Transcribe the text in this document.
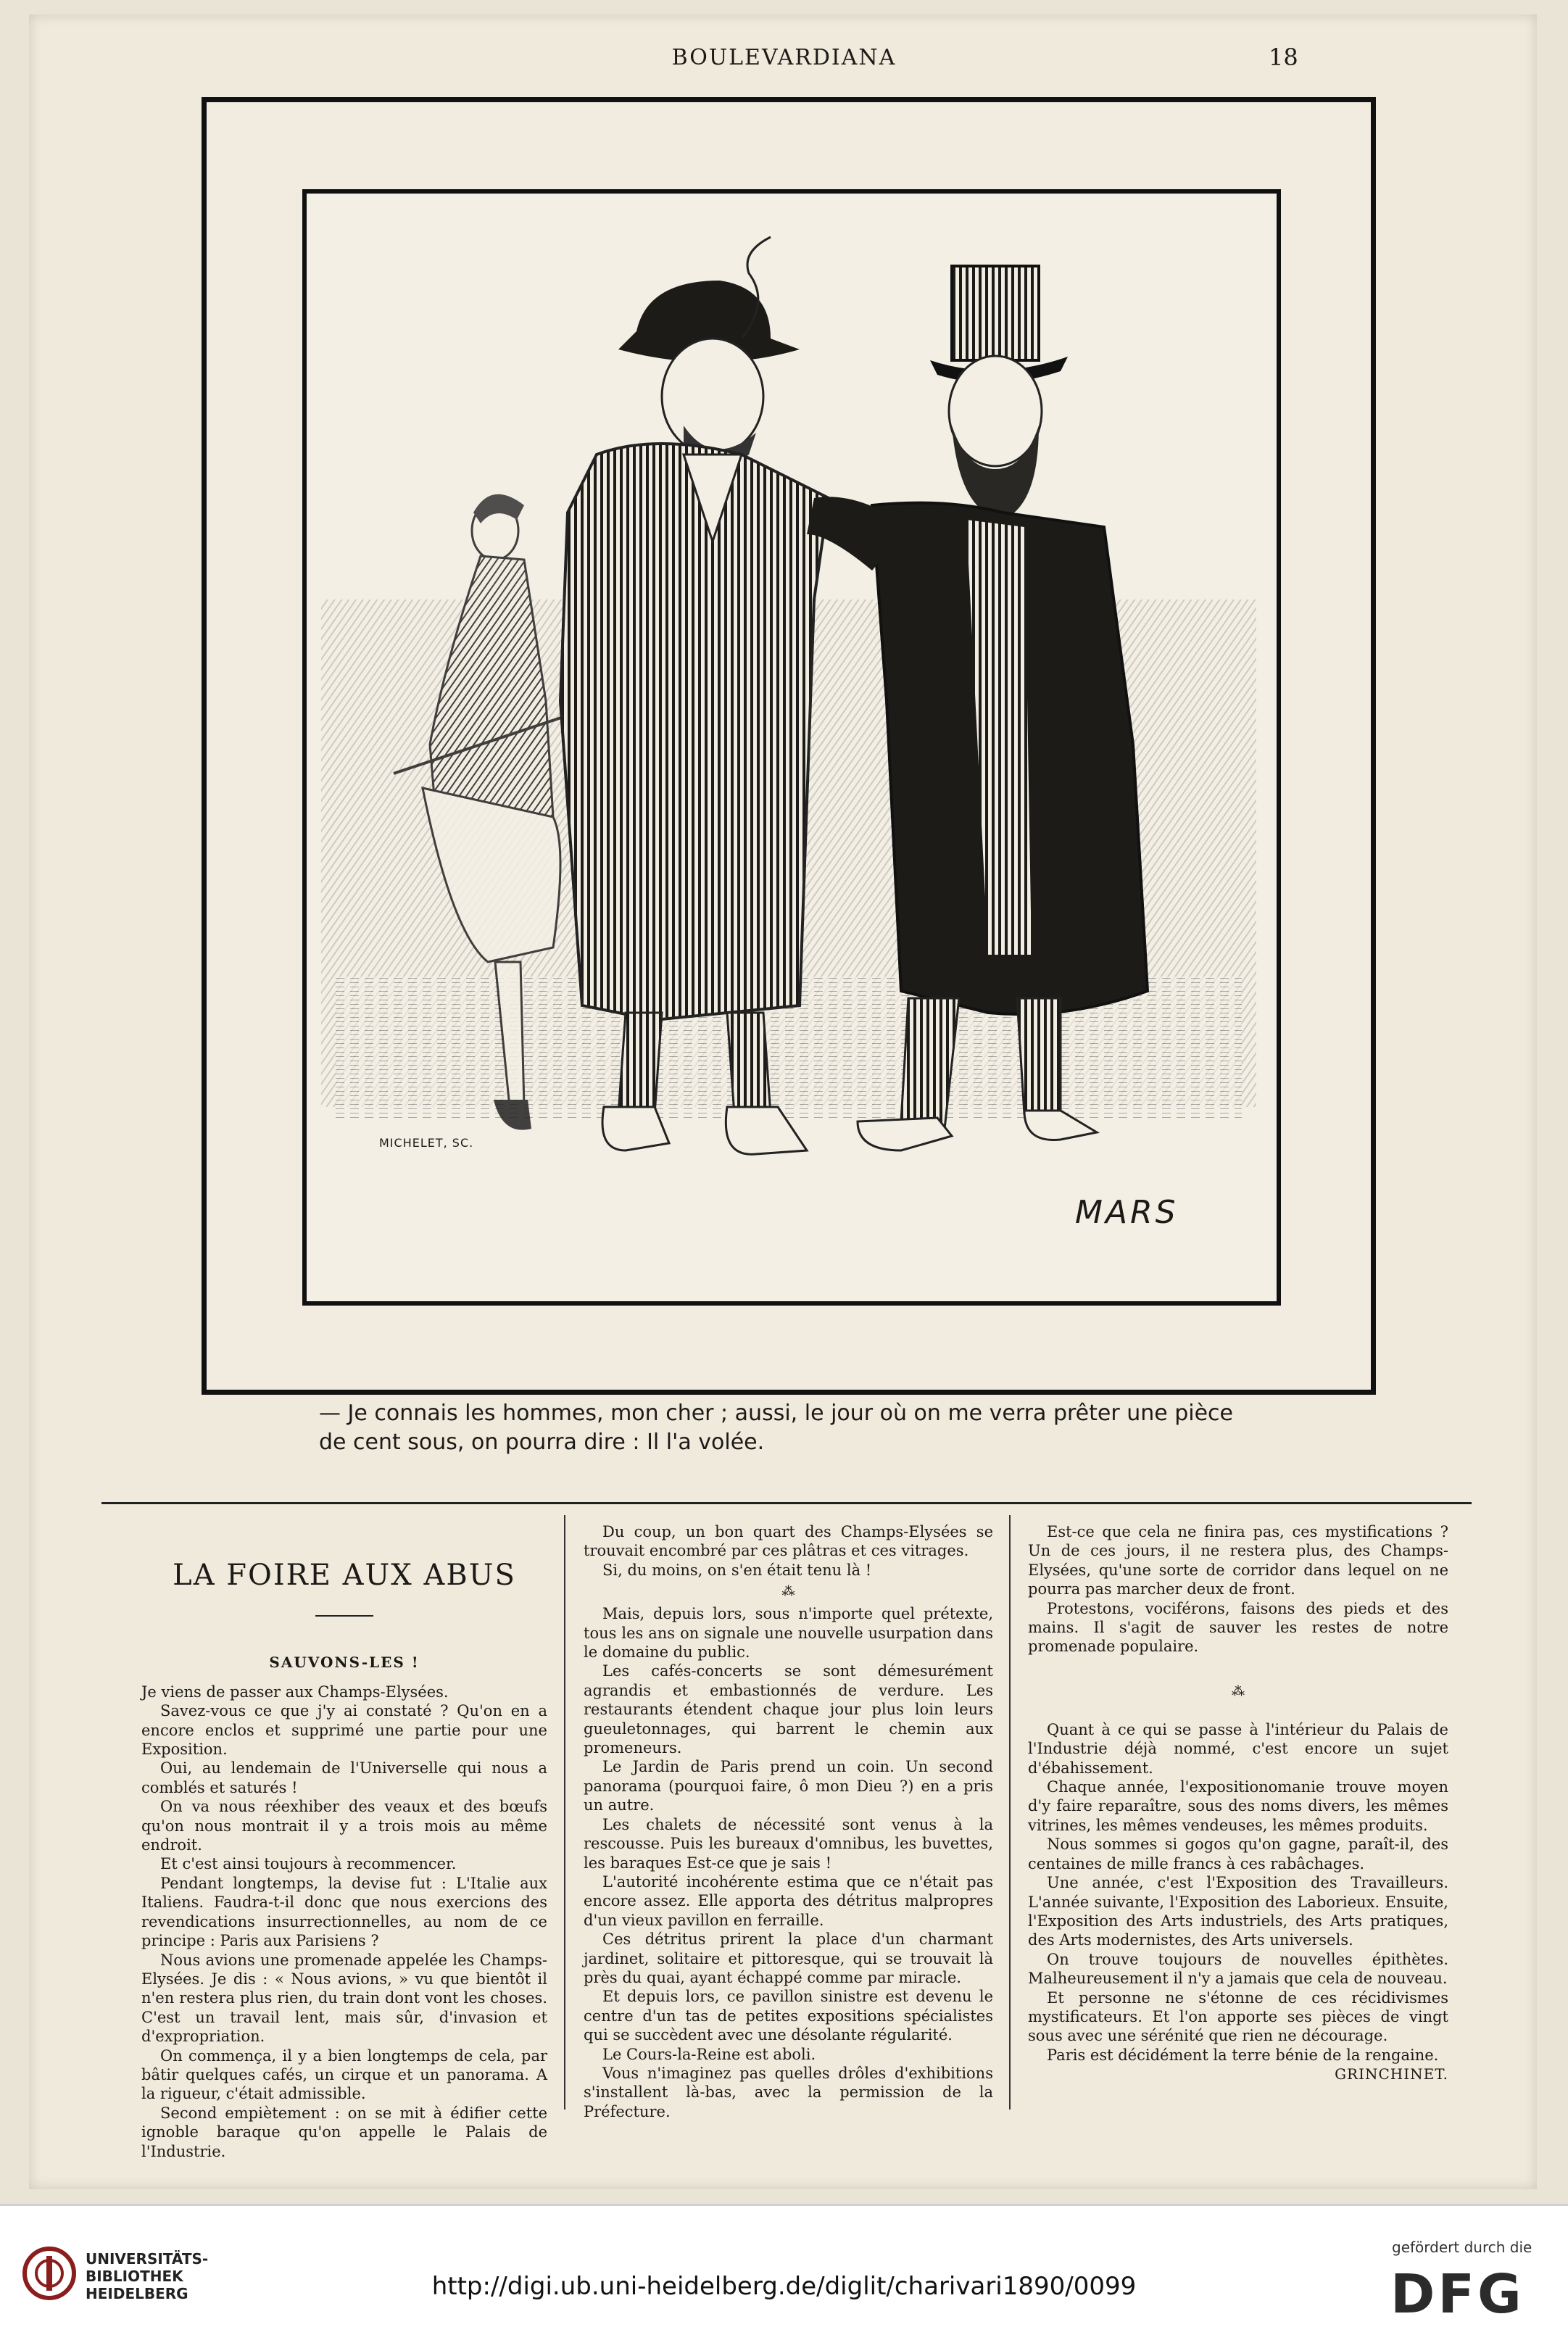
BOULEVARDIANA	18
MICHELET, SC.
MARS
— Je connais les hommes, mon cher ; aussi, le jour où on me verra prêter une pièce
de cent sous, on pourra dire : Il l'a volée.
LA FOIRE AUX ABUS
SAUVONS-LES !

Je viens de passer aux Champs-Elysées.

Savez-vous ce que j'y ai constaté ? Qu'on en a encore enclos et supprimé une partie pour une Exposition.

Oui, au lendemain de l'Universelle qui nous a comblés et saturés !

On va nous réexhiber des veaux et des bœufs qu'on nous montrait il y a trois mois au même endroit.

Et c'est ainsi toujours à recommencer.

Pendant longtemps, la devise fut : L'Italie aux Italiens. Faudra-t-il donc que nous exercions des revendications insurrectionnelles, au nom de ce principe : Paris aux Parisiens ?

Nous avions une promenade appelée les Champs-Elysées. Je dis : « Nous avions, » vu que bientôt il n'en restera plus rien, du train dont vont les choses. C'est un travail lent, mais sûr, d'invasion et d'expropriation.

On commença, il y a bien longtemps de cela, par bâtir quelques cafés, un cirque et un panorama. A la rigueur, c'était admissible.

Second empiètement : on se mit à édifier cette ignoble baraque qu'on appelle le Palais de l'Industrie.

Du coup, un bon quart des Champs-Elysées se trouvait encombré par ces plâtras et ces vitrages.

Si, du moins, on s'en était tenu là !

⁂

Mais, depuis lors, sous n'importe quel prétexte, tous les ans on signale une nouvelle usurpation dans le domaine du public.

Les cafés-concerts se sont démesurément agrandis et embastionnés de verdure. Les restaurants étendent chaque jour plus loin leurs gueuletonnages, qui barrent le chemin aux promeneurs.

Le Jardin de Paris prend un coin. Un second panorama (pourquoi faire, ô mon Dieu ?) en a pris un autre.

Les chalets de nécessité sont venus à la rescousse. Puis les bureaux d'omnibus, les buvettes, les baraques Est-ce que je sais !

L'autorité incohérente estima que ce n'était pas encore assez. Elle apporta des détritus malpropres d'un vieux pavillon en ferraille.

Ces détritus prirent la place d'un charmant jardinet, solitaire et pittoresque, qui se trouvait là près du quai, ayant échappé comme par miracle.

Et depuis lors, ce pavillon sinistre est devenu le centre d'un tas de petites expositions spécialistes qui se succèdent avec une désolante régularité.

Le Cours-la-Reine est aboli.

Vous n'imaginez pas quelles drôles d'exhibitions s'installent là-bas, avec la permission de la Préfecture.

Est-ce que cela ne finira pas, ces mystifications ? Un de ces jours, il ne restera plus, des Champs-Elysées, qu'une sorte de corridor dans lequel on ne pourra pas marcher deux de front.

Protestons, vociférons, faisons des pieds et des mains. Il s'agit de sauver les restes de notre promenade populaire.

⁂

Quant à ce qui se passe à l'intérieur du Palais de l'Industrie déjà nommé, c'est encore un sujet d'ébahissement.

Chaque année, l'expositionomanie trouve moyen d'y faire reparaître, sous des noms divers, les mêmes vitrines, les mêmes vendeuses, les mêmes produits.

Nous sommes si gogos qu'on gagne, paraît-il, des centaines de mille francs à ces rabâchages.

Une année, c'est l'Exposition des Travailleurs. L'année suivante, l'Exposition des Laborieux. Ensuite, l'Exposition des Arts industriels, des Arts pratiques, des Arts modernistes, des Arts universels.

On trouve toujours de nouvelles épithètes. Malheureusement il n'y a jamais que cela de nouveau.

Et personne ne s'étonne de ces récidivismes mystificateurs. Et l'on apporte ses pièces de vingt sous avec une sérénité que rien ne décourage.

Paris est décidément la terre bénie de la rengaine.

GRINCHINET.
UNIVERSITÄTS-
BIBLIOTHEK
HEIDELBERG	http://digi.ub.uni-heidelberg.de/diglit/charivari1890/0099
gefördert durch die
DFG
